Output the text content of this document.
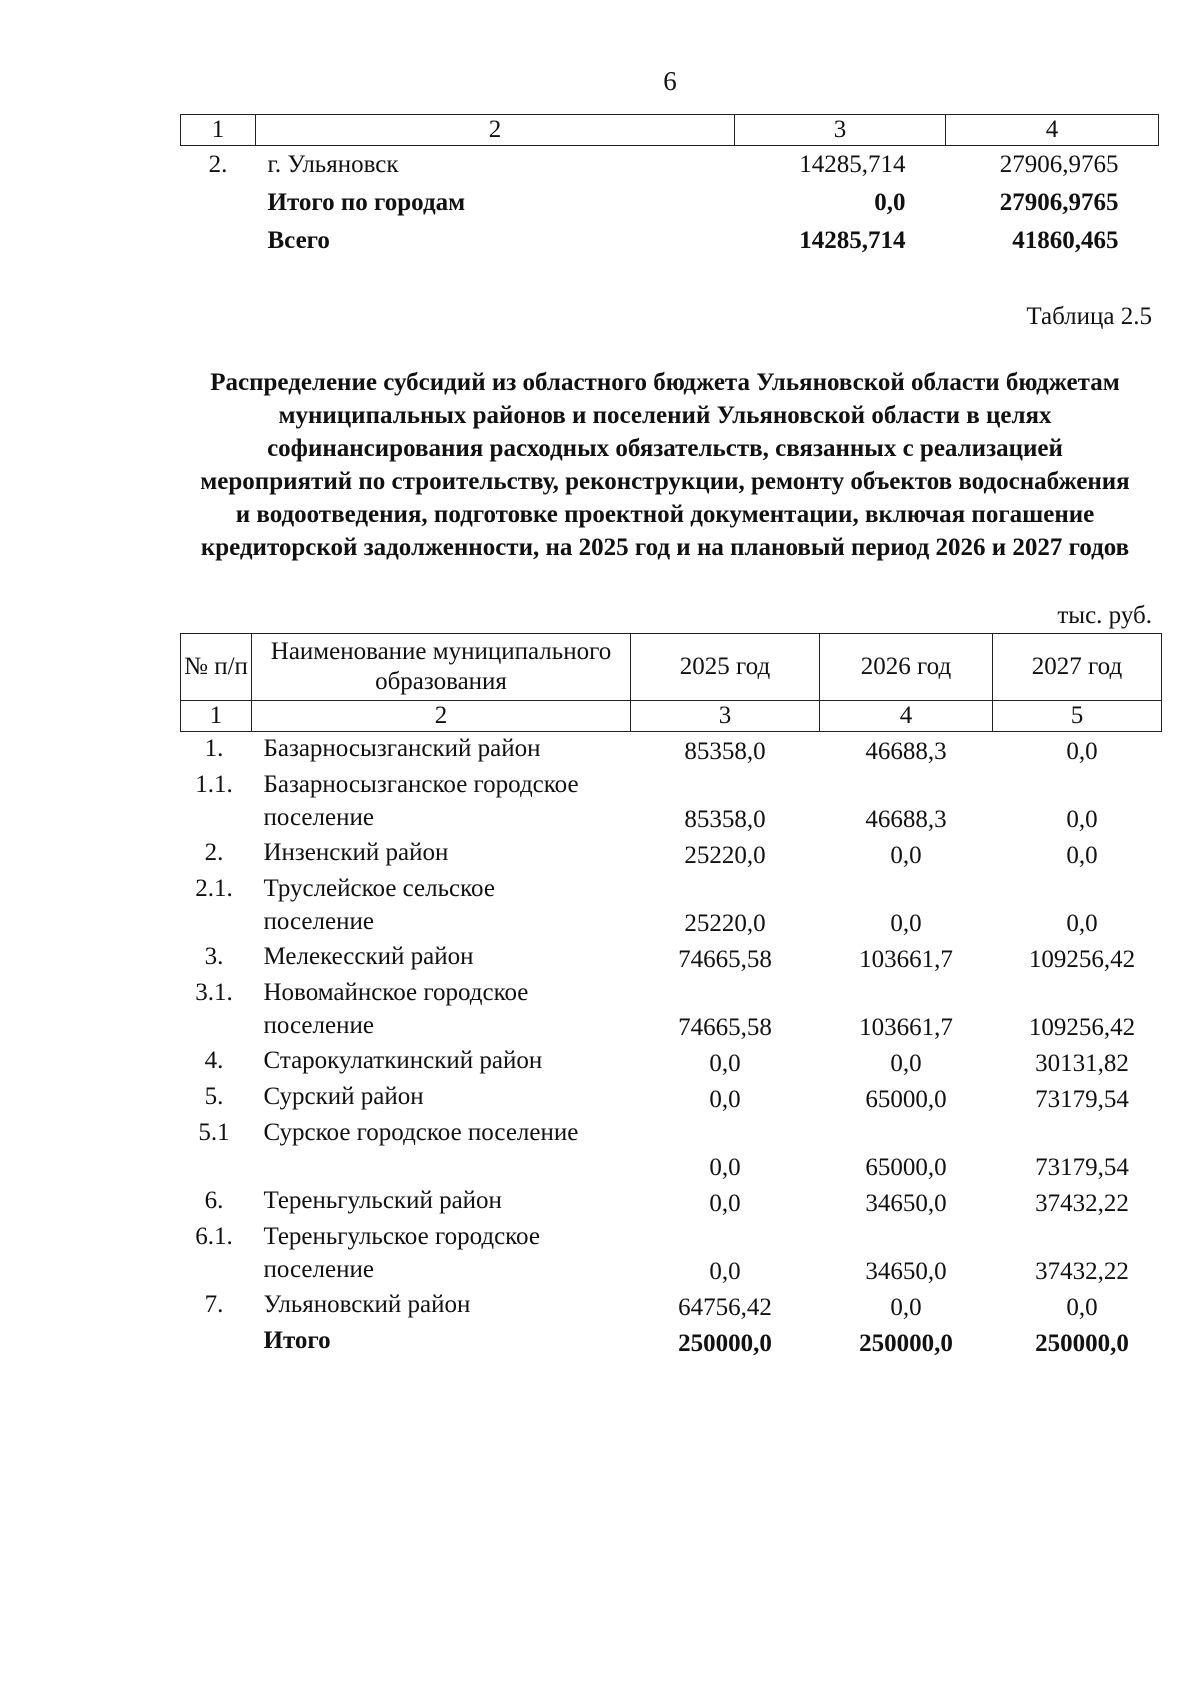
6
1	2	3	4
2.	г. Ульяновск	14285,714	27906,9765
	Итого по городам	0,0	27906,9765
	Всего	14285,714	41860,465
Таблица 2.5
Распределение субсидий из областного бюджета Ульяновской области бюджетам муниципальных районов и поселений Ульяновской области в целях софинансирования расходных обязательств, связанных с реализацией мероприятий по строительству, реконструкции, ремонту объектов водоснабжения и водоотведения, подготовке проектной документации, включая погашение кредиторской задолженности, на 2025 год и на плановый период 2026 и 2027 годов
тыс. руб.
№ п/п	Наименование муниципального образования	2025 год	2026 год	2027 год
1	2	3	4	5
1.	Базарносызганский район	85358,0	46688,3	0,0
1.1.	Базарносызганское городское поселение	85358,0	46688,3	0,0
2.	Инзенский район	25220,0	0,0	0,0
2.1.	Труслейское сельское поселение	25220,0	0,0	0,0
3.	Мелекесский район	74665,58	103661,7	109256,42
3.1.	Новомайнское городское поселение	74665,58	103661,7	109256,42
4.	Старокулаткинский район	0,0	0,0	30131,82
5.	Сурский район	0,0	65000,0	73179,54
5.1	Сурское городское поселение	0,0	65000,0	73179,54
6.	Тереньгульский район	0,0	34650,0	37432,22
6.1.	Тереньгульское городское поселение	0,0	34650,0	37432,22
7.	Ульяновский район	64756,42	0,0	0,0
	Итого	250000,0	250000,0	250000,0
